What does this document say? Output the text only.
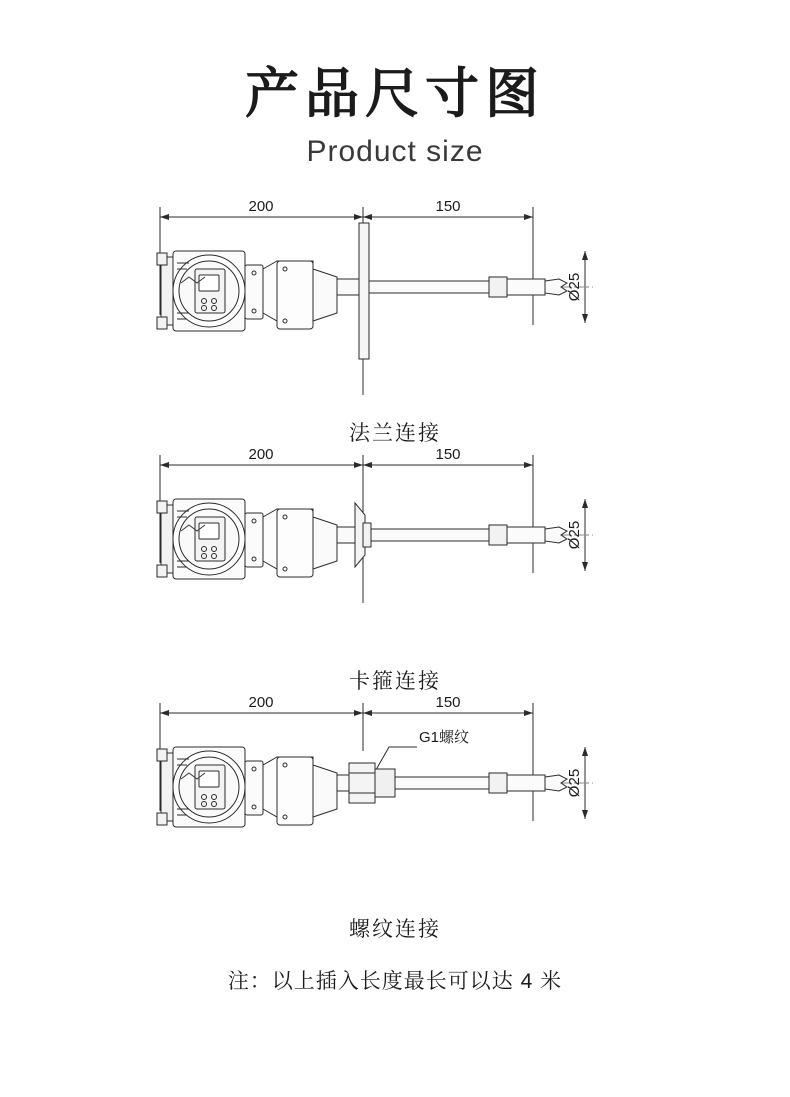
产品尺寸图
Product size
200	150
Ø25
法兰连接
200	150
Ø25
卡箍连接
200	150
G1螺纹
Ø25
螺纹连接
注：以上插入长度最长可以达 4 米
